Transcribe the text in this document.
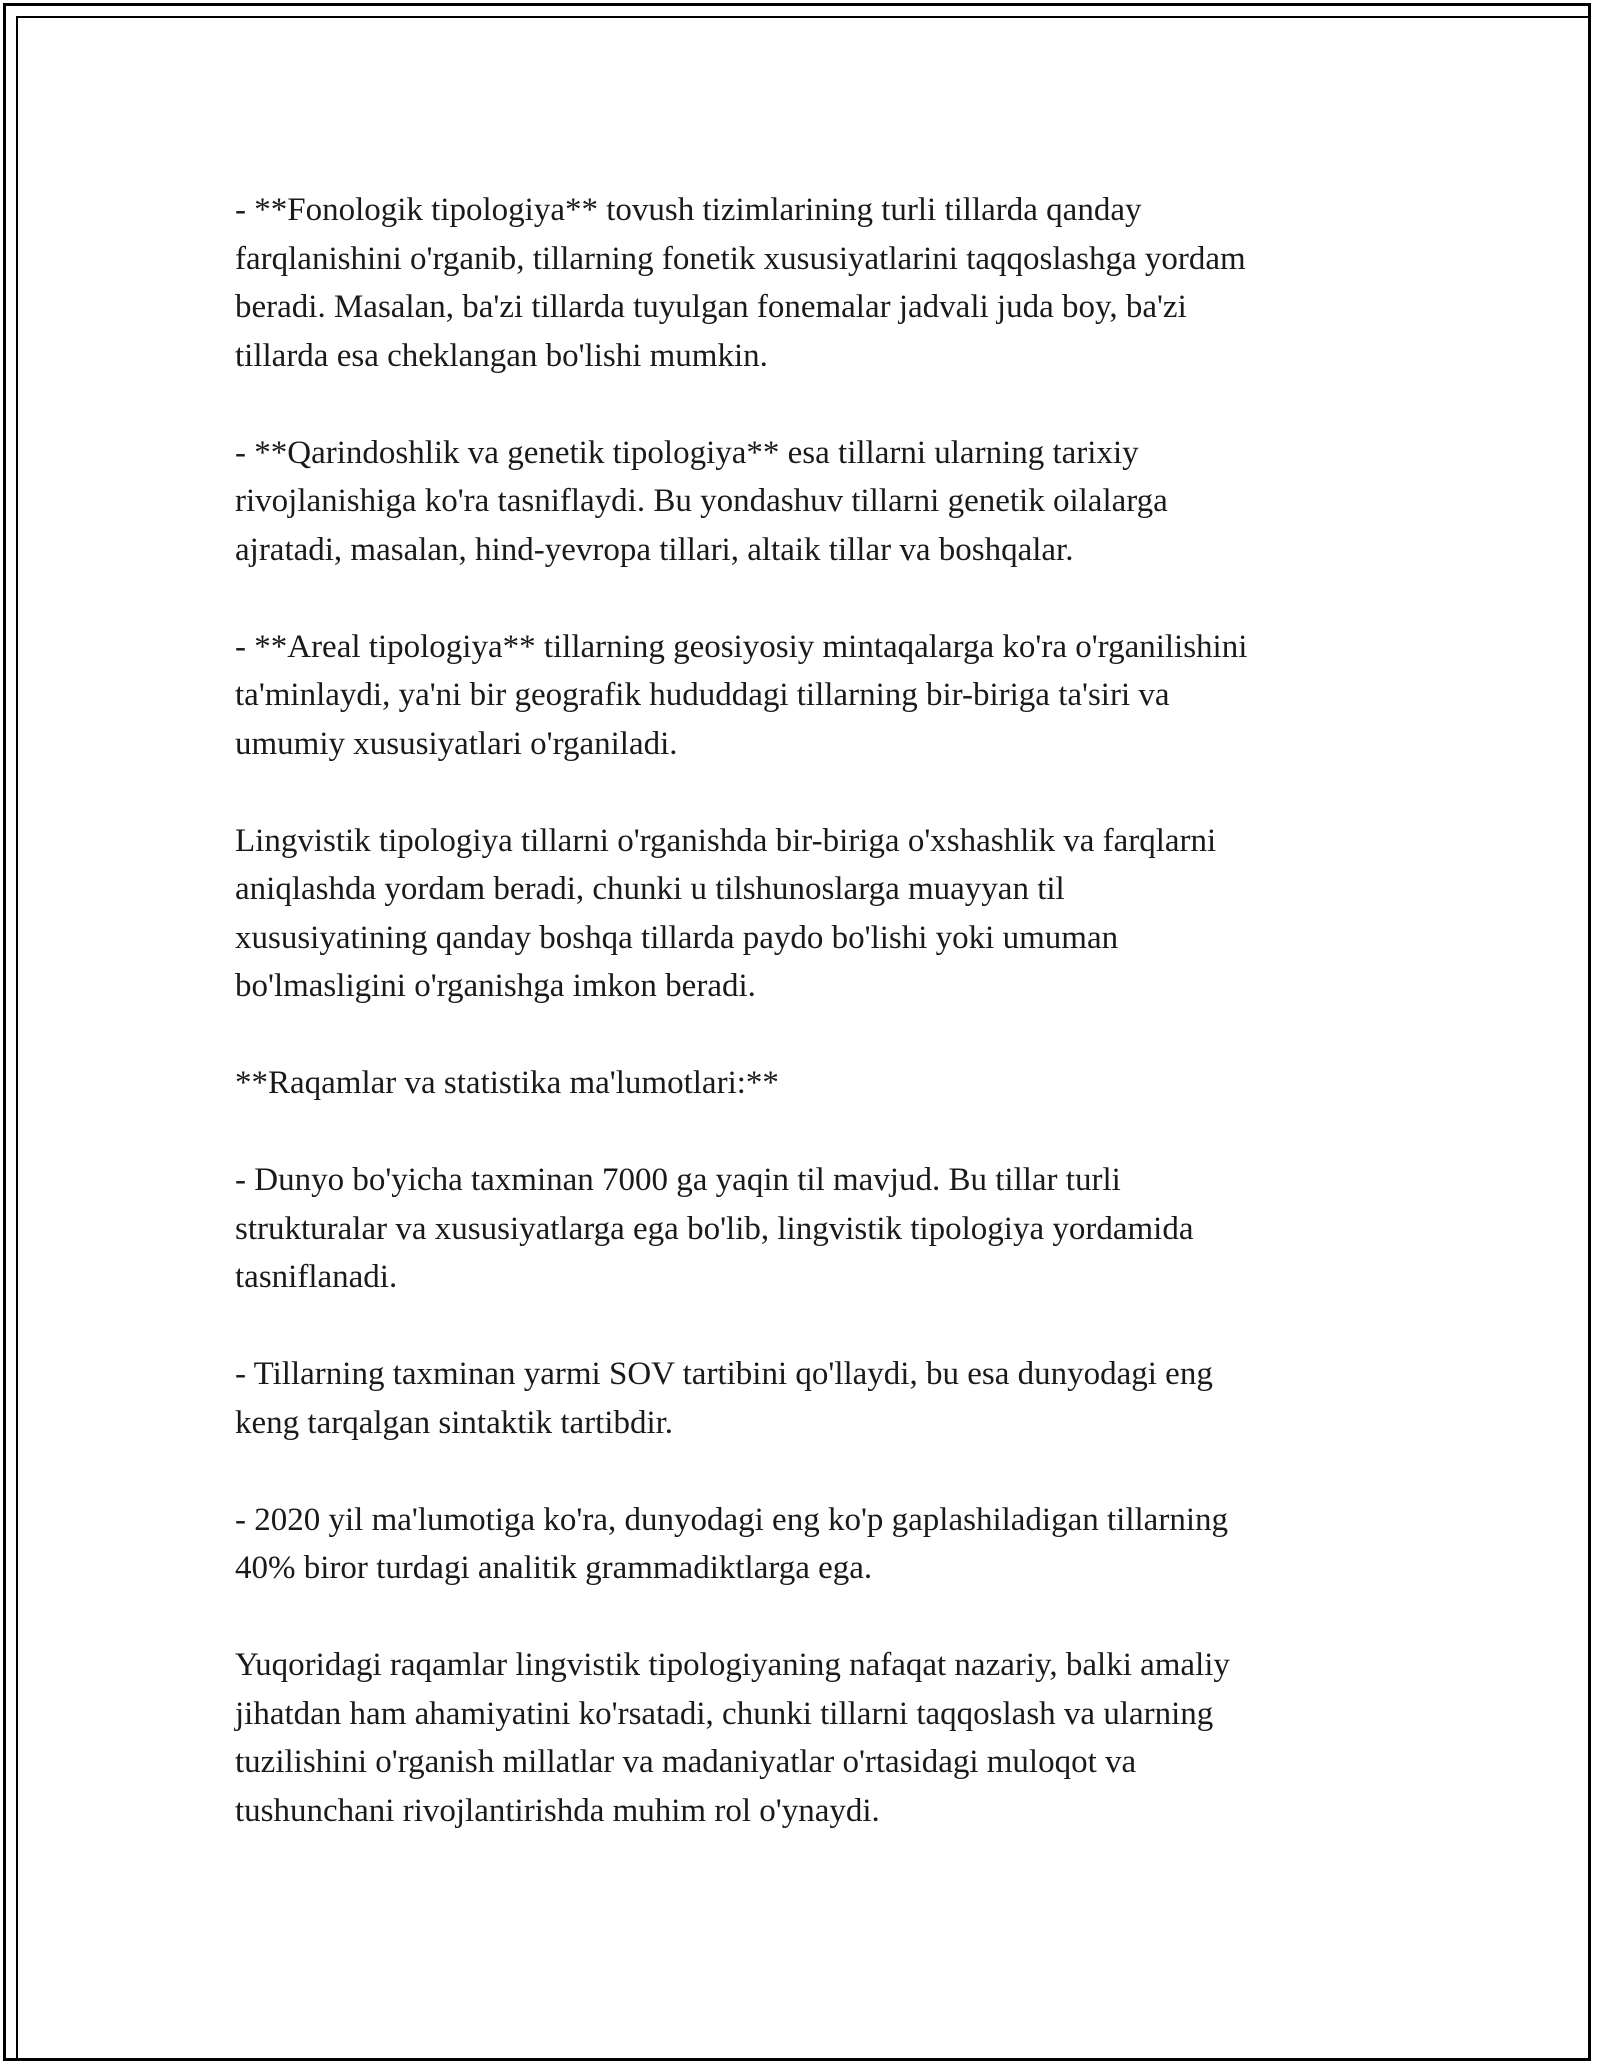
- **Fonologik tipologiya** tovush tizimlarining turli tillarda qanday
farqlanishini o'rganib, tillarning fonetik xususiyatlarini taqqoslashga yordam
beradi. Masalan, ba'zi tillarda tuyulgan fonemalar jadvali juda boy, ba'zi
tillarda esa cheklangan bo'lishi mumkin.

- **Qarindoshlik va genetik tipologiya** esa tillarni ularning tarixiy
rivojlanishiga ko'ra tasniflaydi. Bu yondashuv tillarni genetik oilalarga
ajratadi, masalan, hind-yevropa tillari, altaik tillar va boshqalar.

- **Areal tipologiya** tillarning geosiyosiy mintaqalarga ko'ra o'rganilishini
ta'minlaydi, ya'ni bir geografik hududdagi tillarning bir-biriga ta'siri va
umumiy xususiyatlari o'rganiladi.

Lingvistik tipologiya tillarni o'rganishda bir-biriga o'xshashlik va farqlarni
aniqlashda yordam beradi, chunki u tilshunoslarga muayyan til
xususiyatining qanday boshqa tillarda paydo bo'lishi yoki umuman
bo'lmasligini o'rganishga imkon beradi.

**Raqamlar va statistika ma'lumotlari:**

- Dunyo bo'yicha taxminan 7000 ga yaqin til mavjud. Bu tillar turli
strukturalar va xususiyatlarga ega bo'lib, lingvistik tipologiya yordamida
tasniflanadi.

- Tillarning taxminan yarmi SOV tartibini qo'llaydi, bu esa dunyodagi eng
keng tarqalgan sintaktik tartibdir.

- 2020 yil ma'lumotiga ko'ra, dunyodagi eng ko'p gaplashiladigan tillarning
40% biror turdagi analitik grammadiktlarga ega.

Yuqoridagi raqamlar lingvistik tipologiyaning nafaqat nazariy, balki amaliy
jihatdan ham ahamiyatini ko'rsatadi, chunki tillarni taqqoslash va ularning
tuzilishini o'rganish millatlar va madaniyatlar o'rtasidagi muloqot va
tushunchani rivojlantirishda muhim rol o'ynaydi.
